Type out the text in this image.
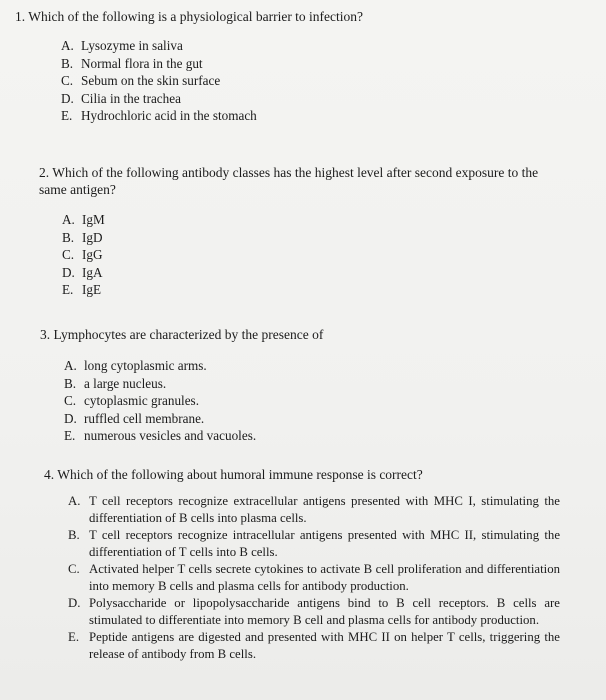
1. Which of the following is a physiological barrier to infection?
A. Lysozyme in saliva
B. Normal flora in the gut
C. Sebum on the skin surface
D. Cilia in the trachea
E. Hydrochloric acid in the stomach
2. Which of the following antibody classes has the highest level after second exposure to the same antigen?
A. IgM
B. IgD
C. IgG
D. IgA
E. IgE
3. Lymphocytes are characterized by the presence of
A. long cytoplasmic arms.
B. a large nucleus.
C. cytoplasmic granules.
D. ruffled cell membrane.
E. numerous vesicles and vacuoles.
4. Which of the following about humoral immune response is correct?
A. T cell receptors recognize extracellular antigens presented with MHC I, stimulating the differentiation of B cells into plasma cells.
B. T cell receptors recognize intracellular antigens presented with MHC II, stimulating the differentiation of T cells into B cells.
C. Activated helper T cells secrete cytokines to activate B cell proliferation and differentiation into memory B cells and plasma cells for antibody production.
D. Polysaccharide or lipopolysaccharide antigens bind to B cell receptors. B cells are stimulated to differentiate into memory B cell and plasma cells for antibody production.
E. Peptide antigens are digested and presented with MHC II on helper T cells, triggering the release of antibody from B cells.
